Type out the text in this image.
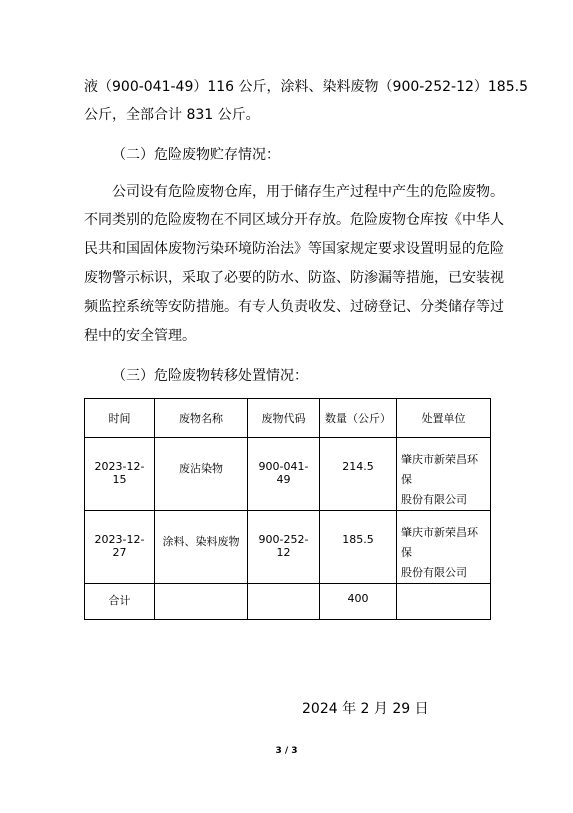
液（900-041-49）116 公斤，涂料、染料废物（900-252-12）185.5
公斤，全部合计 831 公斤。
（二）危险废物贮存情况：
公司设有危险废物仓库，用于储存生产过程中产生的危险废物。
不同类别的危险废物在不同区域分开存放。危险废物仓库按《中华人
民共和国固体废物污染环境防治法》等国家规定要求设置明显的危险
废物警示标识，采取了必要的防水、防盗、防渗漏等措施，已安装视
频监控系统等安防措施。有专人负责收发、过磅登记、分类储存等过
程中的安全管理。
（三）危险废物转移处置情况：
时间	废物名称	废物代码	数量（公斤）	处置单位
2023-12-15	废沾染物	900-041-49	214.5	肇庆市新荣昌环保
股份有限公司

2023-12-27	涂料、染料废物	900-252-12	185.5	肇庆市新荣昌环保
股份有限公司

合计			400	
2024 年 2 月 29 日
3 / 3
